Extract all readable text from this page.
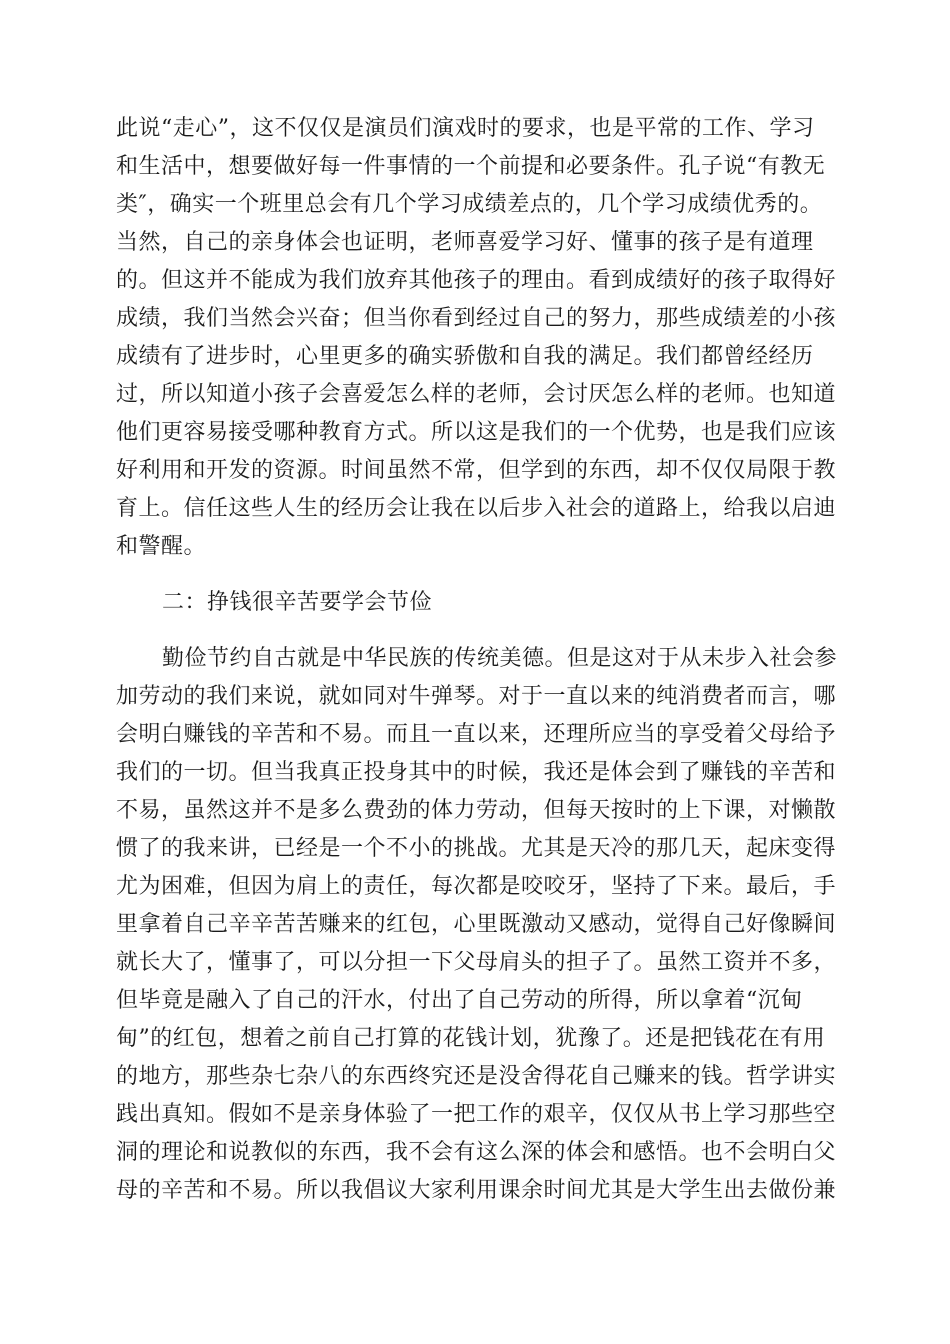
此说“走心”，这不仅仅是演员们演戏时的要求，也是平常的工作、学习
和生活中，想要做好每一件事情的一个前提和必要条件。孔子说“有教无
类″，确实一个班里总会有几个学习成绩差点的，几个学习成绩优秀的。
当然，自己的亲身体会也证明，老师喜爱学习好、懂事的孩子是有道理
的。但这并不能成为我们放弃其他孩子的理由。看到成绩好的孩子取得好
成绩，我们当然会兴奋；但当你看到经过自己的努力，那些成绩差的小孩
成绩有了进步时，心里更多的确实骄傲和自我的满足。我们都曾经经历
过，所以知道小孩子会喜爱怎么样的老师，会讨厌怎么样的老师。也知道
他们更容易接受哪种教育方式。所以这是我们的一个优势，也是我们应该
好利用和开发的资源。时间虽然不常，但学到的东西，却不仅仅局限于教
育上。信任这些人生的经历会让我在以后步入社会的道路上，给我以启迪
和警醒。
二：挣钱很辛苦要学会节俭
勤俭节约自古就是中华民族的传统美德。但是这对于从未步入社会参
加劳动的我们来说，就如同对牛弹琴。对于一直以来的纯消费者而言，哪
会明白赚钱的辛苦和不易。而且一直以来，还理所应当的享受着父母给予
我们的一切。但当我真正投身其中的时候，我还是体会到了赚钱的辛苦和
不易，虽然这并不是多么费劲的体力劳动，但每天按时的上下课，对懒散
惯了的我来讲，已经是一个不小的挑战。尤其是天冷的那几天，起床变得
尤为困难，但因为肩上的责任，每次都是咬咬牙，坚持了下来。最后，手
里拿着自己辛辛苦苦赚来的红包，心里既激动又感动，觉得自己好像瞬间
就长大了，懂事了，可以分担一下父母肩头的担子了。虽然工资并不多，
但毕竟是融入了自己的汗水，付出了自己劳动的所得，所以拿着“沉甸
甸”的红包，想着之前自己打算的花钱计划，犹豫了。还是把钱花在有用
的地方，那些杂七杂八的东西终究还是没舍得花自己赚来的钱。哲学讲实
践出真知。假如不是亲身体验了一把工作的艰辛，仅仅从书上学习那些空
洞的理论和说教似的东西，我不会有这么深的体会和感悟。也不会明白父
母的辛苦和不易。所以我倡议大家利用课余时间尤其是大学生出去做份兼
